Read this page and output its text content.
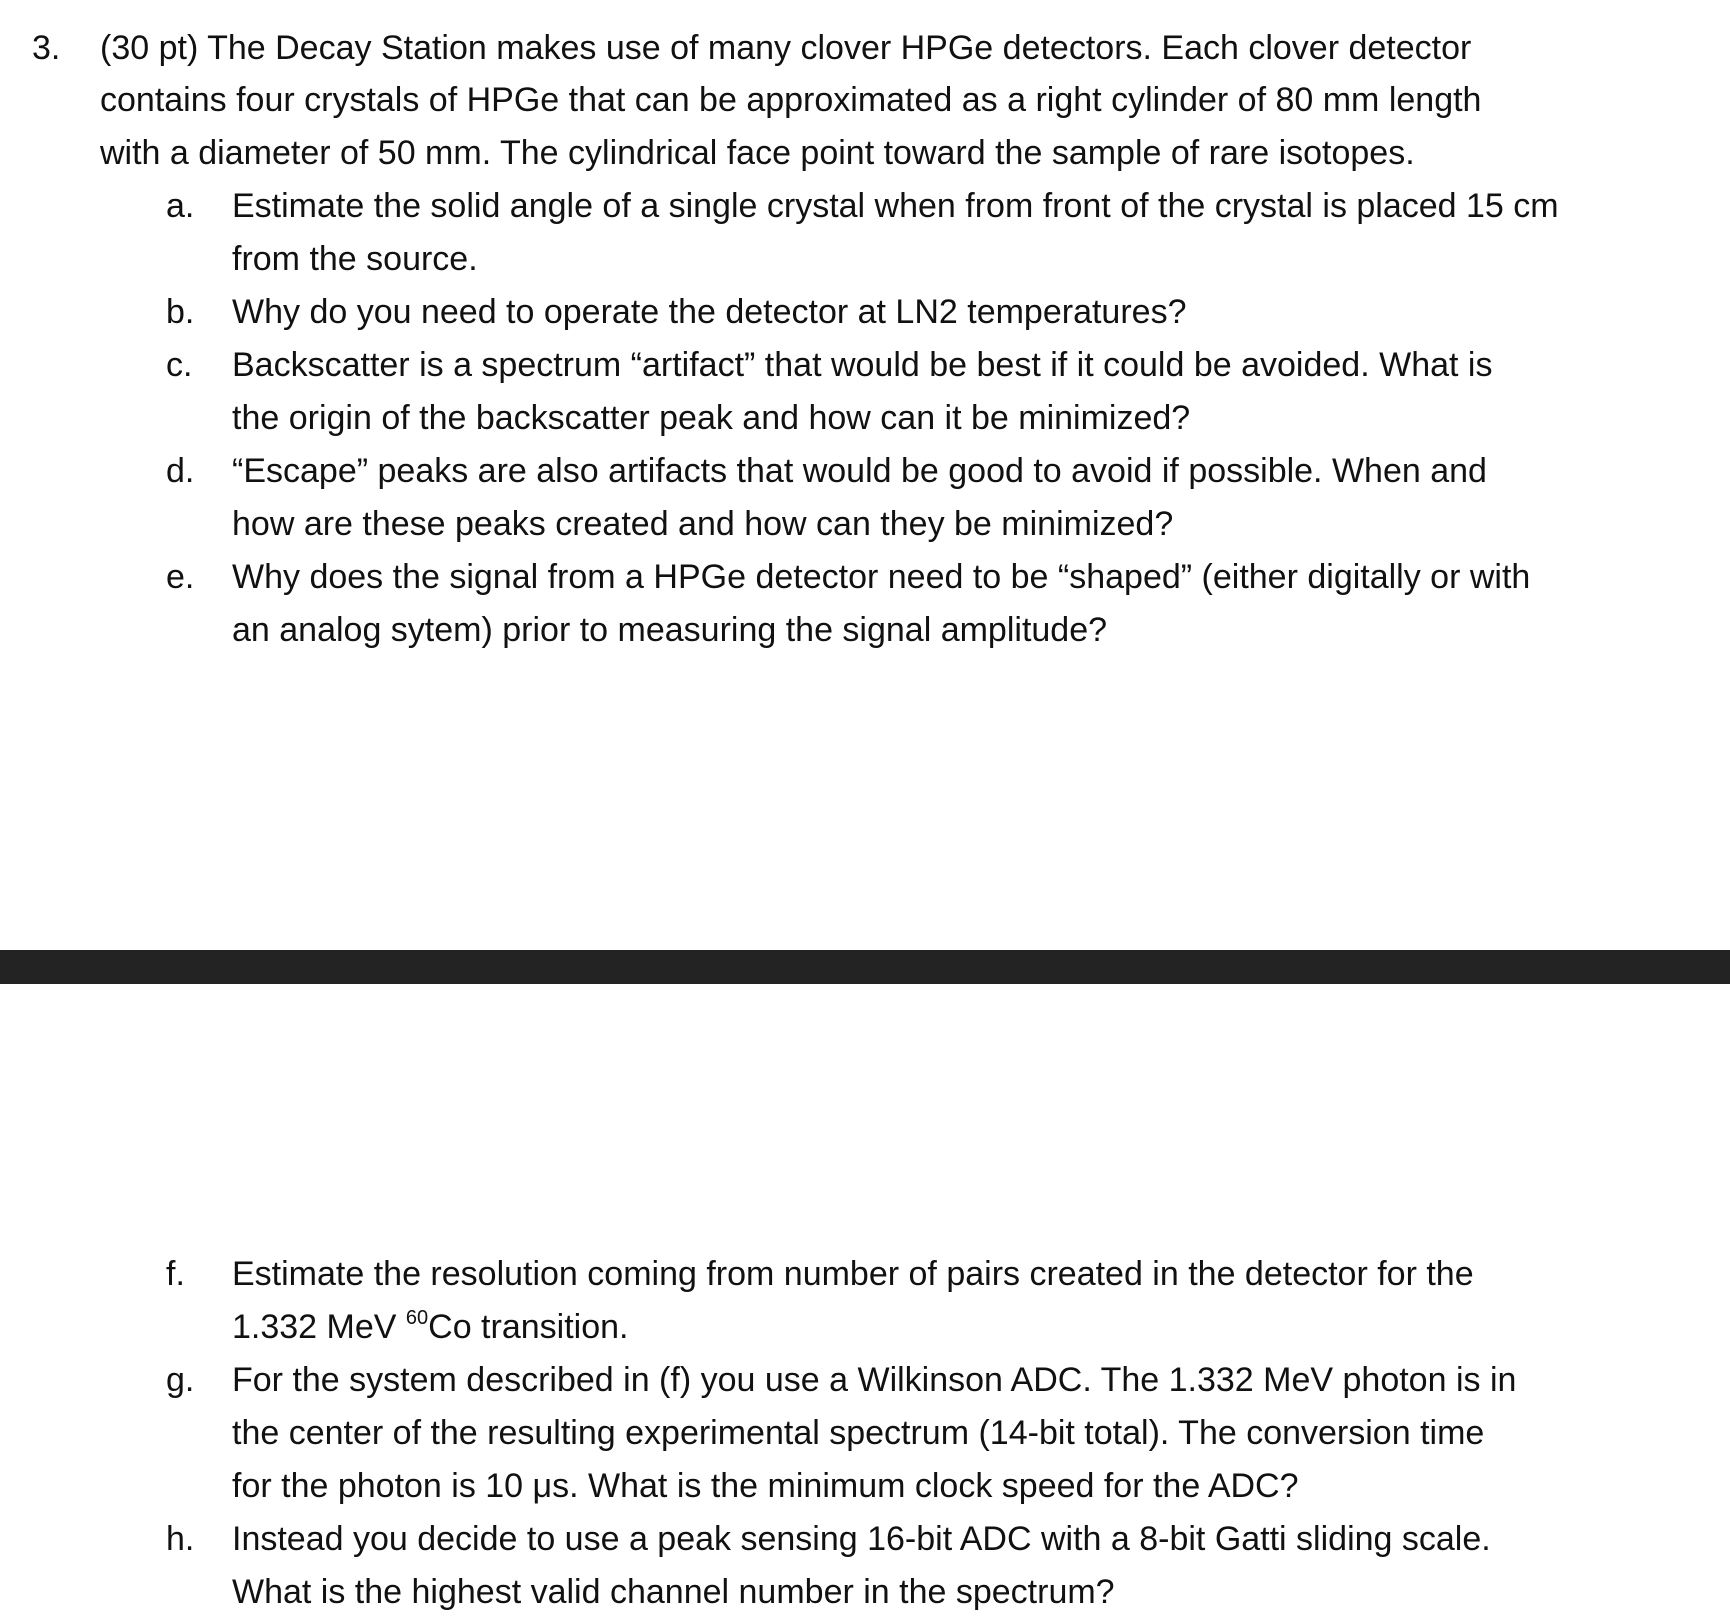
3. (30 pt) The Decay Station makes use of many clover HPGe detectors. Each clover detector
contains four crystals of HPGe that can be approximated as a right cylinder of 80 mm length
with a diameter of 50 mm. The cylindrical face point toward the sample of rare isotopes.
a. Estimate the solid angle of a single crystal when from front of the crystal is placed 15 cm
from the source.
b. Why do you need to operate the detector at LN2 temperatures?
c. Backscatter is a spectrum “artifact” that would be best if it could be avoided. What is
the origin of the backscatter peak and how can it be minimized?
d. “Escape” peaks are also artifacts that would be good to avoid if possible. When and
how are these peaks created and how can they be minimized?
e. Why does the signal from a HPGe detector need to be “shaped” (either digitally or with
an analog sytem) prior to measuring the signal amplitude?
f. Estimate the resolution coming from number of pairs created in the detector for the
1.332 MeV $^{60}$Co transition.
g. For the system described in (f) you use a Wilkinson ADC. The 1.332 MeV photon is in
the center of the resulting experimental spectrum (14-bit total). The conversion time
for the photon is 10 μs. What is the minimum clock speed for the ADC?
h. Instead you decide to use a peak sensing 16-bit ADC with a 8-bit Gatti sliding scale.
What is the highest valid channel number in the spectrum?
